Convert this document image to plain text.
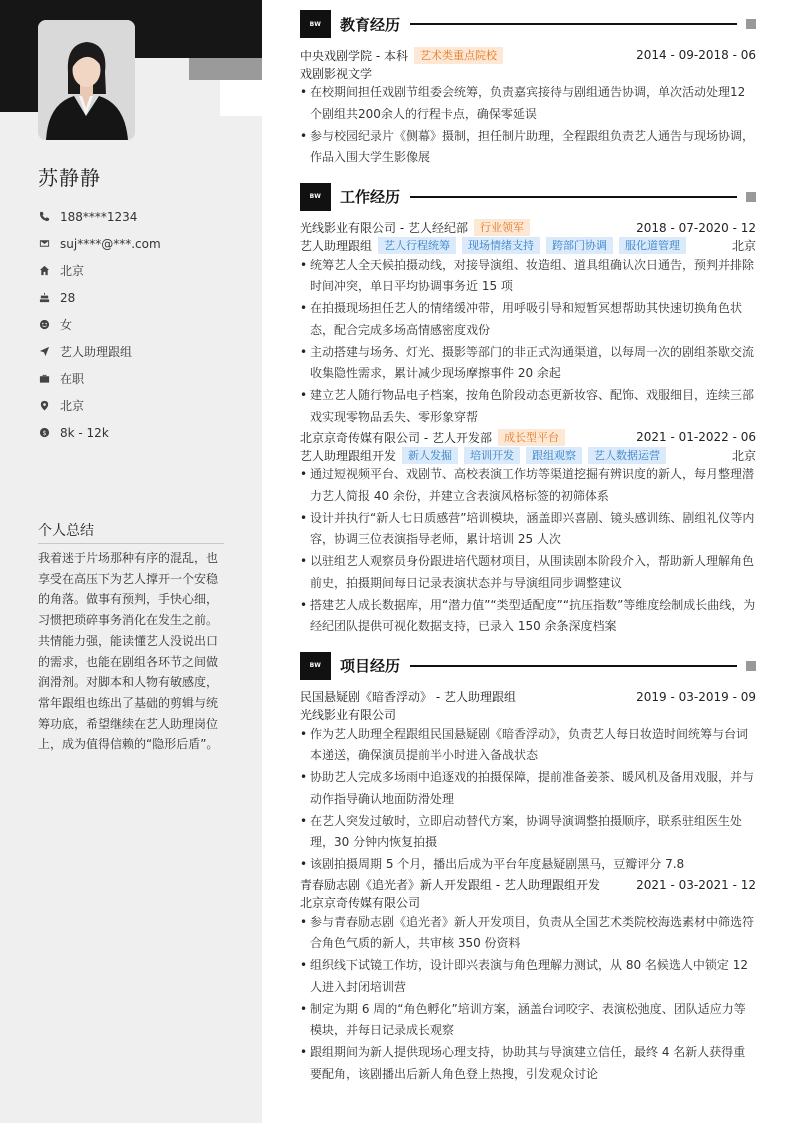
苏静静
188****1234
suj****@***.com
北京
28
女
艺人助理跟组
在职
北京
$ 8k - 12k
个人总结
我着迷于片场那种有序的混乱，也享受在高压下为艺人撑开一个安稳的角落。做事有预判，手快心细，习惯把琐碎事务消化在发生之前。共情能力强，能读懂艺人没说出口的需求，也能在剧组各环节之间做润滑剂。对脚本和人物有敏感度，常年跟组也练出了基础的剪辑与统筹功底，希望继续在艺人助理岗位上，成为值得信赖的“隐形后盾”。
BW	教育经历
中央戏剧学院 - 本科	艺术类重点院校	2014 - 09-2018 - 06
戏剧影视文学
• 在校期间担任戏剧节组委会统筹，负责嘉宾接待与剧组通告协调，单次活动处理12个剧组共200余人的行程卡点，确保零延误
• 参与校园纪录片《侧幕》摄制，担任制片助理，全程跟组负责艺人通告与现场协调，作品入围大学生影像展
BW	工作经历
光线影业有限公司 - 艺人经纪部	行业领军	2018 - 07-2020 - 12
艺人助理跟组	艺人行程统筹	现场情绪支持	跨部门协调	服化道管理	北京
• 统筹艺人全天候拍摄动线，对接导演组、妆造组、道具组确认次日通告，预判并排除时间冲突，单日平均协调事务近 15 项
• 在拍摄现场担任艺人的情绪缓冲带，用呼吸引导和短暂冥想帮助其快速切换角色状态，配合完成多场高情感密度戏份
• 主动搭建与场务、灯光、摄影等部门的非正式沟通渠道，以每周一次的剧组茶歇交流收集隐性需求，累计减少现场摩擦事件 20 余起
• 建立艺人随行物品电子档案，按角色阶段动态更新妆容、配饰、戏服细目，连续三部戏实现零物品丢失、零形象穿帮
北京京奇传媒有限公司 - 艺人开发部	成长型平台	2021 - 01-2022 - 06
艺人助理跟组开发	新人发掘	培训开发	跟组观察	艺人数据运营	北京
• 通过短视频平台、戏剧节、高校表演工作坊等渠道挖掘有辨识度的新人，每月整理潜力艺人简报 40 余份，并建立含表演风格标签的初筛体系
• 设计并执行“新人七日质感营”培训模块，涵盖即兴喜剧、镜头感训练、剧组礼仪等内容，协调三位表演指导老师，累计培训 25 人次
• 以驻组艺人观察员身份跟进培代题材项目，从围读剧本阶段介入，帮助新人理解角色前史，拍摄期间每日记录表演状态并与导演组同步调整建议
• 搭建艺人成长数据库，用“潜力值”“类型适配度”“抗压指数”等维度绘制成长曲线，为经纪团队提供可视化数据支持，已录入 150 余条深度档案
BW	项目经历
民国悬疑剧《暗香浮动》 - 艺人助理跟组	2019 - 03-2019 - 09
光线影业有限公司
• 作为艺人助理全程跟组民国悬疑剧《暗香浮动》，负责艺人每日妆造时间统筹与台词本递送，确保演员提前半小时进入备战状态
• 协助艺人完成多场雨中追逐戏的拍摄保障，提前准备姜茶、暖风机及备用戏服，并与动作指导确认地面防滑处理
• 在艺人突发过敏时，立即启动替代方案，协调导演调整拍摄顺序，联系驻组医生处理，30 分钟内恢复拍摄
• 该剧拍摄周期 5 个月，播出后成为平台年度悬疑剧黑马，豆瓣评分 7.8
青春励志剧《追光者》新人开发跟组 - 艺人助理跟组开发	2021 - 03-2021 - 12
北京京奇传媒有限公司
• 参与青春励志剧《追光者》新人开发项目，负责从全国艺术类院校海选素材中筛选符合角色气质的新人，共审核 350 份资料
• 组织线下试镜工作坊，设计即兴表演与角色理解力测试，从 80 名候选人中锁定 12 人进入封闭培训营
• 制定为期 6 周的“角色孵化”培训方案，涵盖台词咬字、表演松弛度、团队适应力等模块，并每日记录成长观察
• 跟组期间为新人提供现场心理支持，协助其与导演建立信任，最终 4 名新人获得重要配角，该剧播出后新人角色登上热搜，引发观众讨论
